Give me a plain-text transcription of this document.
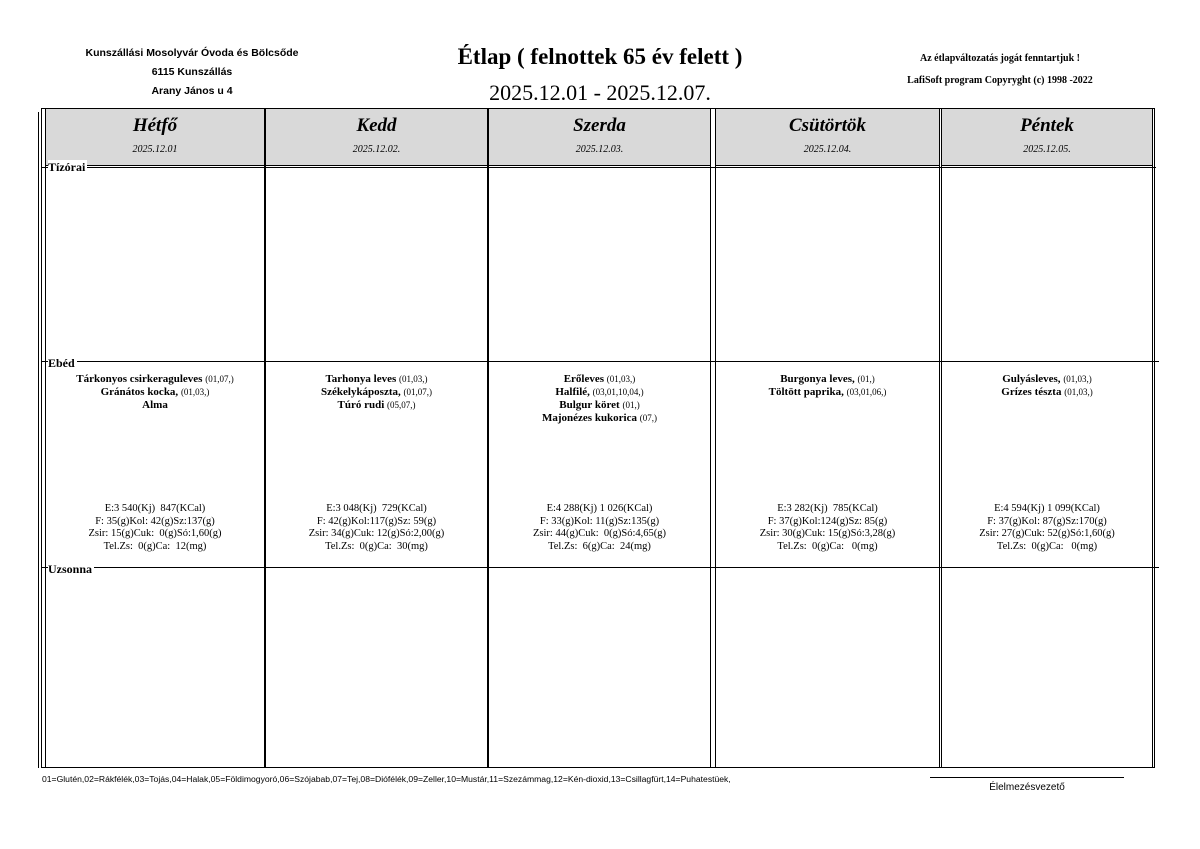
Kunszállási Mosolyvár Óvoda és Bölcsőde
6115 Kunszállás
Arany János u 4
Étlap ( felnottek 65 év felett )
2025.12.01 - 2025.12.07.
Az étlapváltozatás jogát fenntartjuk !
LafiSoft program Copyryght (c) 1998 -2022
Hétfő
2025.12.01
Tárkonyos csirkeraguleves (01,07,)
Gránátos kocka, (01,03,)
Alma
E:3 540(Kj)  847(KCal)
F: 35(g)Kol: 42(g)Sz:137(g)
Zsir: 15(g)Cuk:  0(g)Só:1,60(g)
Tel.Zs:  0(g)Ca:  12(mg)
Kedd
2025.12.02.
Tarhonya leves (01,03,)
Székelykáposzta, (01,07,)
Túró rudi (05,07,)
E:3 048(Kj)  729(KCal)
F: 42(g)Kol:117(g)Sz: 59(g)
Zsir: 34(g)Cuk: 12(g)Só:2,00(g)
Tel.Zs:  0(g)Ca:  30(mg)
Szerda
2025.12.03.
Erőleves (01,03,)
Halfilé, (03,01,10,04,)
Bulgur köret (01,)
Majonézes kukorica (07,)
E:4 288(Kj) 1 026(KCal)
F: 33(g)Kol: 11(g)Sz:135(g)
Zsir: 44(g)Cuk:  0(g)Só:4,65(g)
Tel.Zs:  6(g)Ca:  24(mg)
Csütörtök
2025.12.04.
Burgonya leves, (01,)
Töltött paprika, (03,01,06,)
E:3 282(Kj)  785(KCal)
F: 37(g)Kol:124(g)Sz: 85(g)
Zsir: 30(g)Cuk: 15(g)Só:3,28(g)
Tel.Zs:  0(g)Ca:   0(mg)
Péntek
2025.12.05.
Gulyásleves, (01,03,)
Grízes tészta (01,03,)
E:4 594(Kj) 1 099(KCal)
F: 37(g)Kol: 87(g)Sz:170(g)
Zsir: 27(g)Cuk: 52(g)Só:1,60(g)
Tel.Zs:  0(g)Ca:   0(mg)
Tízórai
Ebéd
Uzsonna
01=Glutén,02=Rákfélék,03=Tojás,04=Halak,05=Földimogyoró,06=Szójabab,07=Tej,08=Diófélék,09=Zeller,10=Mustár,11=Szezámmag,12=Kén-dioxid,13=Csillagfürt,14=Puhatestüek,
Élelmezésvezető
